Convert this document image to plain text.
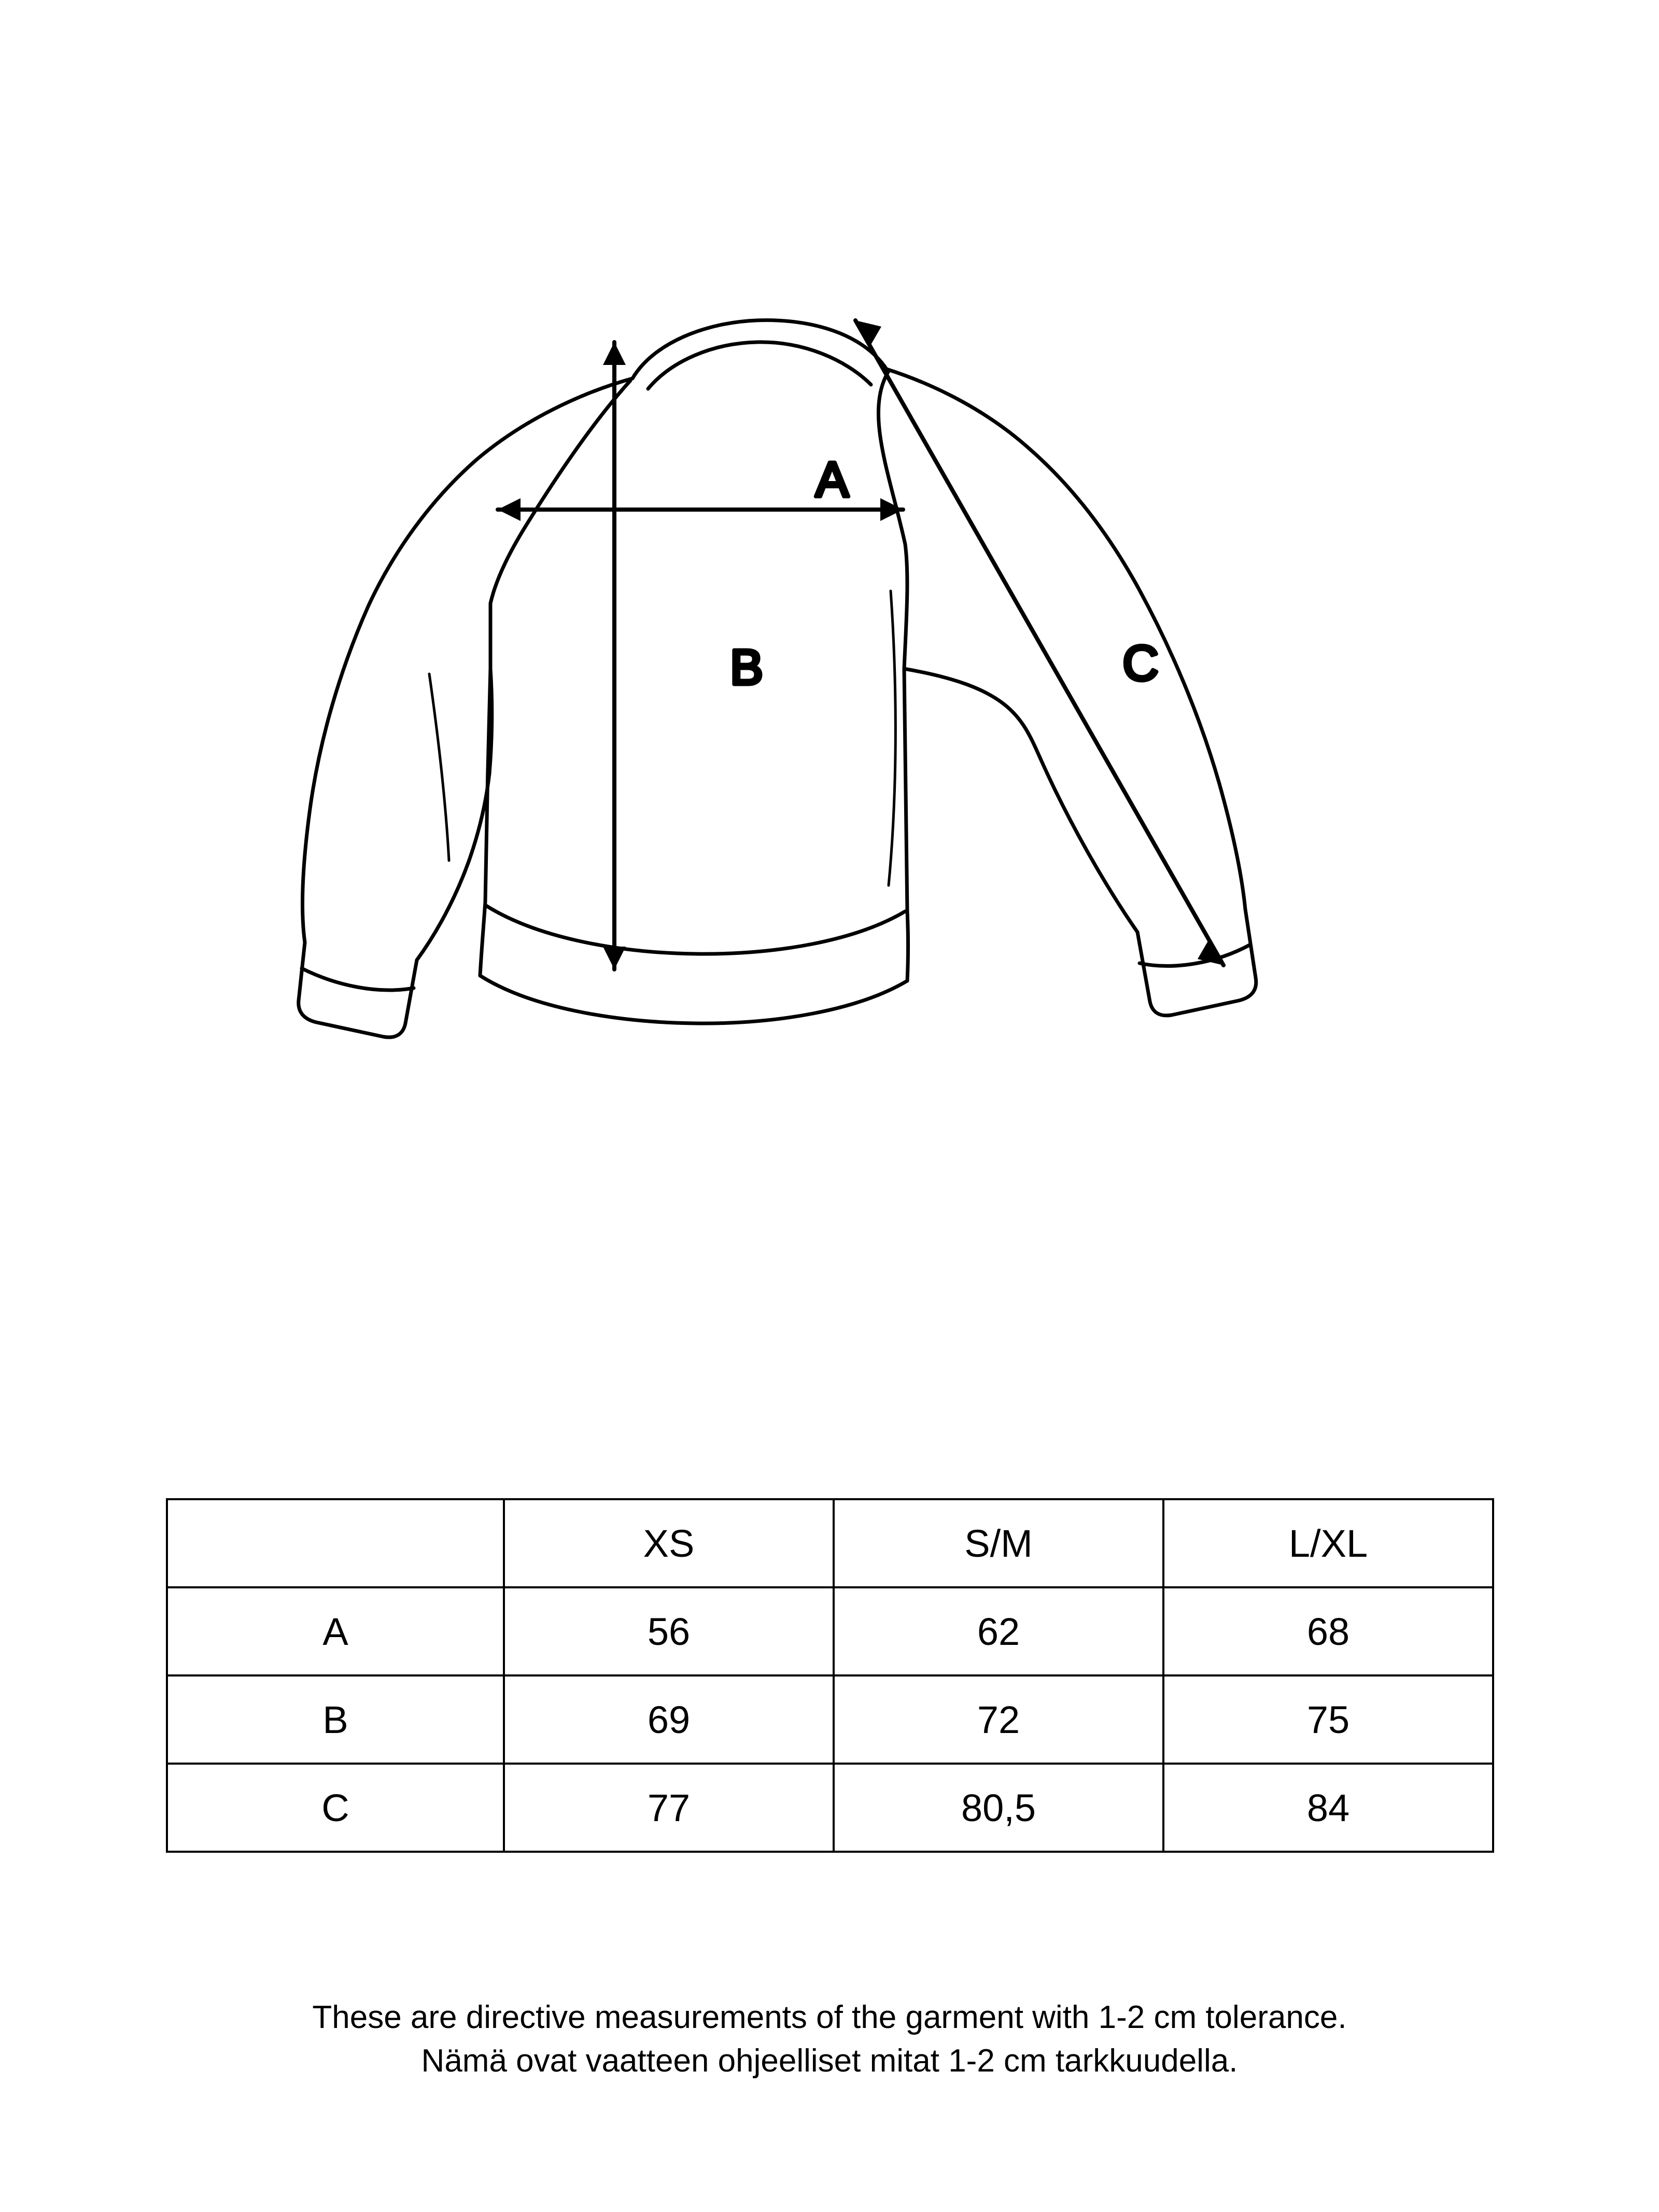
A
B	C
	XS	S/M	L/XL
A	56	62	68
B	69	72	75
C	77	80,5	84
These are directive measurements of the garment with 1-2 cm tolerance.
Nämä ovat vaatteen ohjeelliset mitat 1-2 cm tarkkuudella.
